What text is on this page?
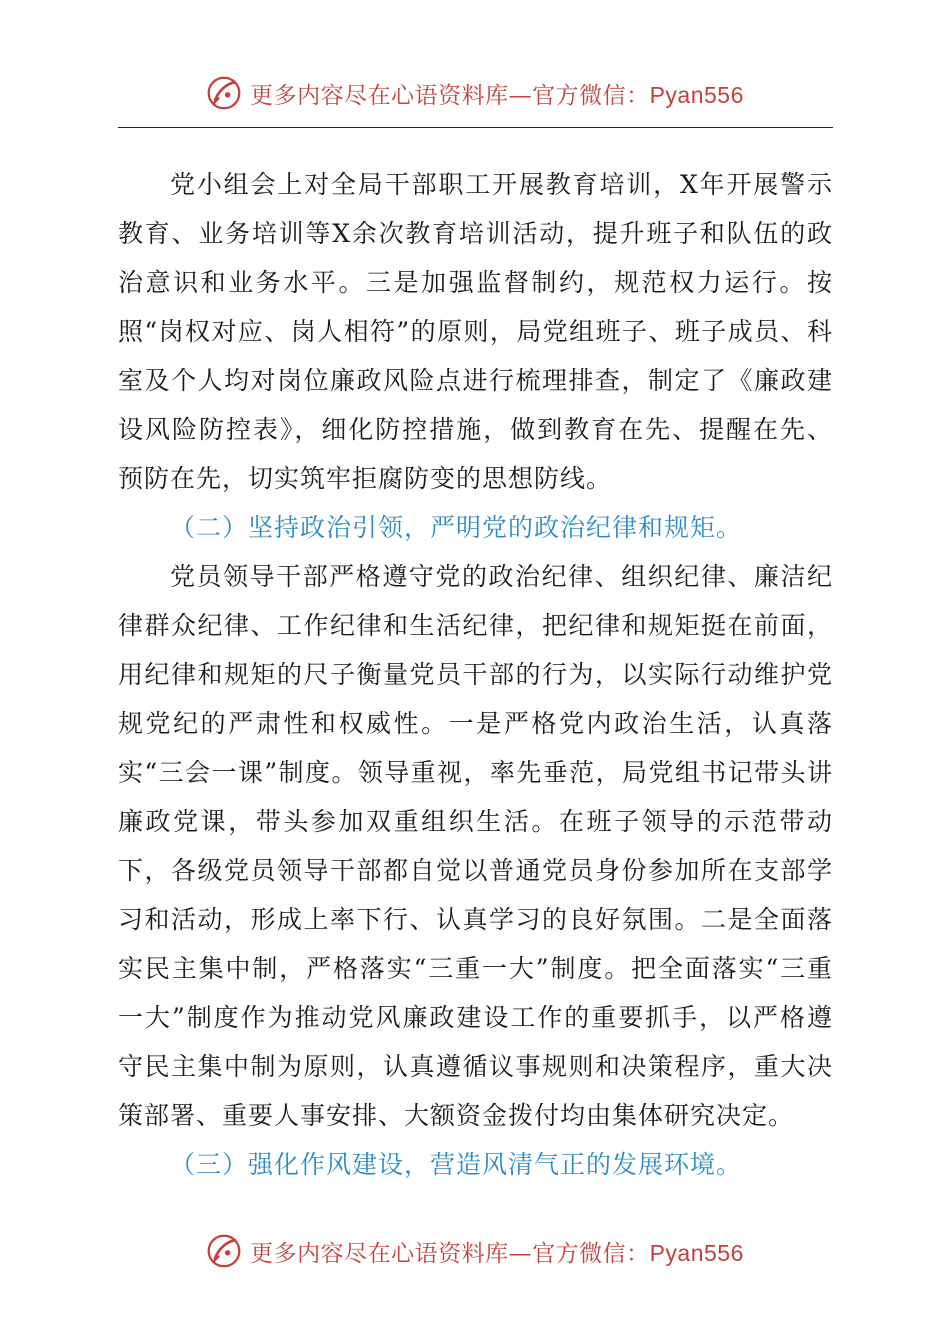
更多内容尽在心语资料库—官方微信：Pyan556

党小组会上对全局干部职工开展教育培训，X年开展警示教育、业务培训等X余次教育培训活动，提升班子和队伍的政治意识和业务水平。三是加强监督制约，规范权力运行。按照“岗权对应、岗人相符”的原则，局党组班子、班子成员、科室及个人均对岗位廉政风险点进行梳理排查，制定了《廉政建设风险防控表》，细化防控措施，做到教育在先、提醒在先、预防在先，切实筑牢拒腐防变的思想防线。

（二）坚持政治引领，严明党的政治纪律和规矩。

党员领导干部严格遵守党的政治纪律、组织纪律、廉洁纪律群众纪律、工作纪律和生活纪律，把纪律和规矩挺在前面，用纪律和规矩的尺子衡量党员干部的行为，以实际行动维护党规党纪的严肃性和权威性。一是严格党内政治生活，认真落实“三会一课”制度。领导重视，率先垂范，局党组书记带头讲廉政党课，带头参加双重组织生活。在班子领导的示范带动下，各级党员领导干部都自觉以普通党员身份参加所在支部学习和活动，形成上率下行、认真学习的良好氛围。二是全面落实民主集中制，严格落实“三重一大”制度。把全面落实“三重一大”制度作为推动党风廉政建设工作的重要抓手，以严格遵守民主集中制为原则，认真遵循议事规则和决策程序，重大决策部署、重要人事安排、大额资金拨付均由集体研究决定。

（三）强化作风建设，营造风清气正的发展环境。

更多内容尽在心语资料库—官方微信：Pyan556
